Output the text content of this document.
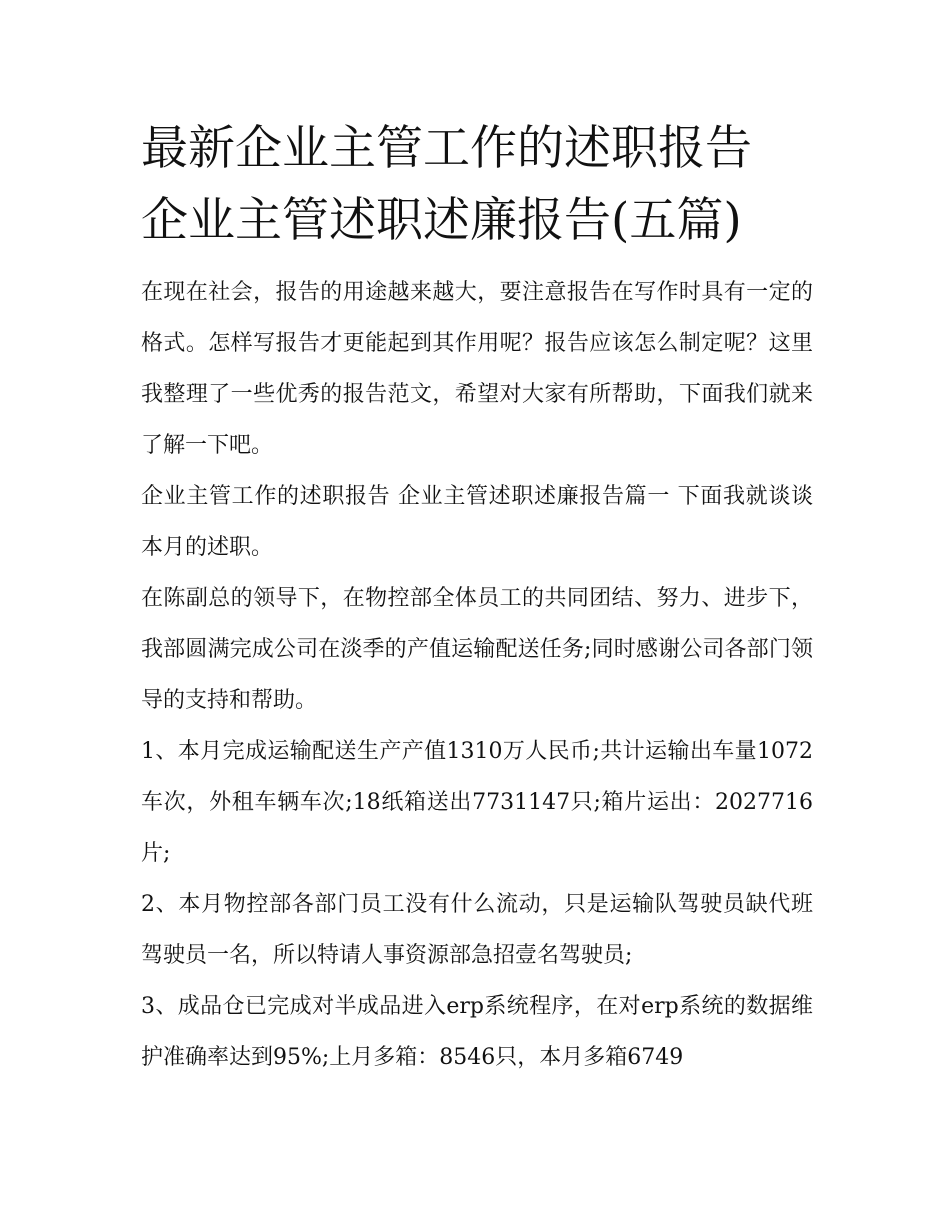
最新企业主管工作的述职报告 企业主管述职述廉报告(五篇)

在现在社会，报告的用途越来越大，要注意报告在写作时具有一定的格式。怎样写报告才更能起到其作用呢？报告应该怎么制定呢？这里我整理了一些优秀的报告范文，希望对大家有所帮助，下面我们就来了解一下吧。

企业主管工作的述职报告 企业主管述职述廉报告篇一 下面我就谈谈本月的述职。

在陈副总的领导下，在物控部全体员工的共同团结、努力、进步下，我部圆满完成公司在淡季的产值运输配送任务;同时感谢公司各部门领导的支持和帮助。

1、本月完成运输配送生产产值1310万人民币;共计运输出车量1072车次，外租车辆车次;18纸箱送出7731147只;箱片运出：2027716片;

2、本月物控部各部门员工没有什么流动，只是运输队驾驶员缺代班驾驶员一名，所以特请人事资源部急招壹名驾驶员;

3、成品仓已完成对半成品进入erp系统程序，在对erp系统的数据维护准确率达到95%;上月多箱：8546只，本月多箱6749
